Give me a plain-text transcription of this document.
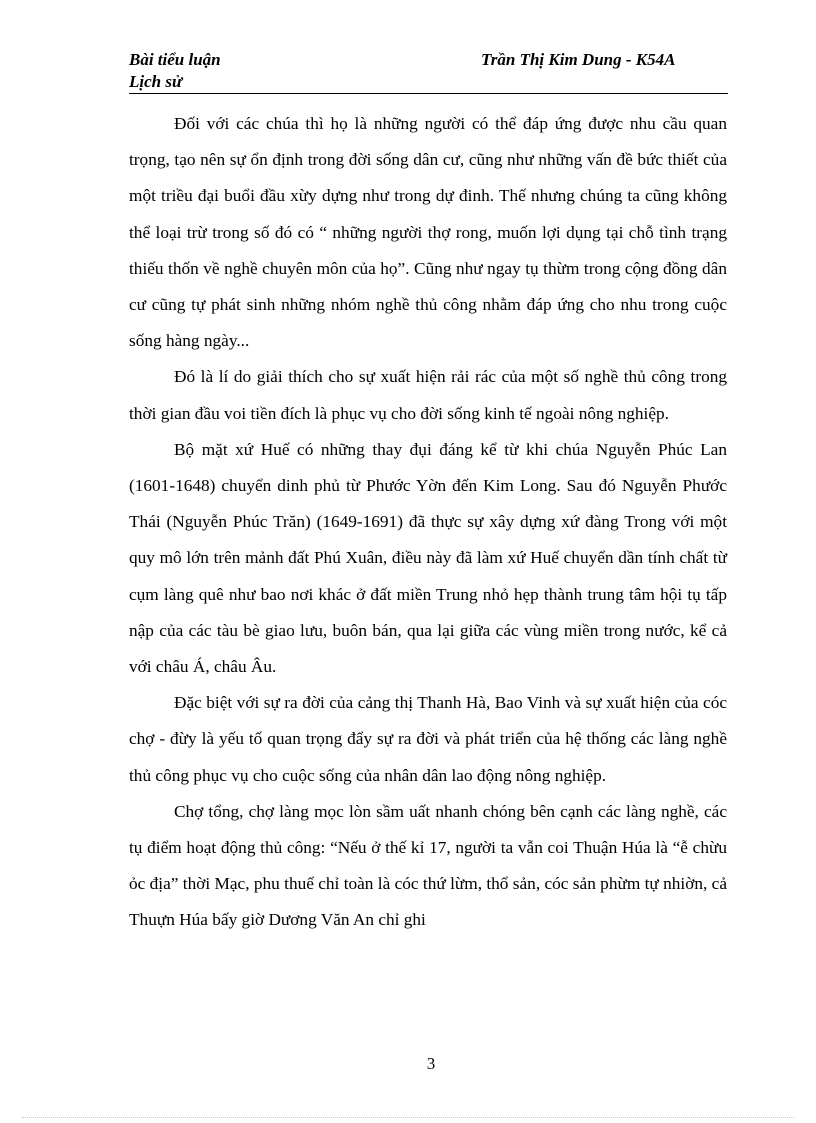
Bài tiểu luận
Lịch sử
Trần Thị Kim Dung - K54A

Đối với các chúa thì họ là những người có thể đáp ứng được nhu cầu quan trọng, tạo nên sự ổn định trong đời sống dân cư, cũng như những vấn đề bức thiết của một triều đại buổi đầu xừy dựng như trong dự đinh. Thế nhưng chúng ta cũng không thể loại trừ trong số đó có “ những người thợ rong, muốn lợi dụng tại chỗ tình trạng thiếu thốn về nghề chuyên môn của họ”. Cũng như ngay tụ thừm trong cộng đồng dân cư cũng tự phát sinh những nhóm nghề thủ công nhằm đáp ứng cho nhu trong cuộc sống hàng ngày...

Đó là lí do giải thích cho sự xuất hiện rải rác của một số nghề thủ công trong thời gian đầu voi tiền đích là phục vụ cho đời sống kinh tế ngoài nông nghiệp.

Bộ mặt xứ Huế có những thay đụi đáng kể từ khi chúa Nguyễn Phúc Lan (1601-1648) chuyển dinh phủ từ Phước Yờn đến Kim Long. Sau đó Nguyễn Phước Thái (Nguyễn Phúc Trăn) (1649-1691) đã thực sự xây dựng xứ đàng Trong với một quy mô lớn trên mảnh đất Phú Xuân, điều này đã làm xứ Huế chuyển dần tính chất từ cụm làng quê như bao nơi khác ở đất miền Trung nhỏ hẹp thành trung tâm hội tụ tấp nập của các tàu bè giao lưu, buôn bán, qua lại giữa các vùng miền trong nước, kể cả với châu Á, châu Âu.

Đặc biệt với sự ra đời của cảng thị Thanh Hà, Bao Vinh và sự xuất hiện của cóc chợ - đừy là yếu tố quan trọng đẩy sự ra đời và phát triển của hệ thống các làng nghề thủ công phục vụ cho cuộc sống của nhân dân lao động nông nghiệp.

Chợ tổng, chợ làng mọc lòn sầm uất nhanh chóng bên cạnh các làng nghề, các tụ điểm hoạt động thủ công: “Nếu ở thế kỉ 17, người ta vẫn coi Thuận Húa là “ễ chừu ỏc địa” thời Mạc, phu thuế chỉ toàn là cóc thứ lừm, thổ sản, cóc sản phừm tự nhiờn, cả Thuựn Húa bấy giờ Dương Văn An chỉ ghi

3
